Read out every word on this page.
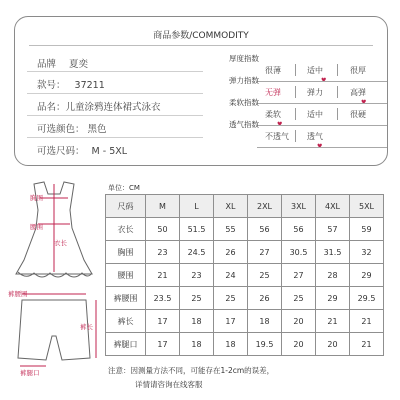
商品参数/COMMODITY
品牌 夏奕
款号： 37211
品名：儿童涂鸦连体裙式泳衣
可选颜色： 黑色
可选尺码： M - 5XL
厚度指数
很薄	适中	很厚
♥
弹力指数
无弹	弹力	高弹
♥
柔软指数
柔软	适中	很硬
♥
透气指数
不透气 透气
♥
胸围
腰围
衣长
裤腰围
裤长
裤腿口
单位：CM
尺码	M	L	XL	2XL	3XL	4XL	5XL
衣长	50	51.5	55	56	56	57	59
胸围	23	24.5	26	27	30.5	31.5	32
腰围	21	23	24	25	27	28	29
裤腰围	23.5	25	25	26	25	29	29.5
裤长	17	18	17	18	20	21	21
裤腿口	17	18	18	19.5	20	20	21
注意：因测量方法不同，可能存在1-2cm的误差，
详情请咨询在线客服
